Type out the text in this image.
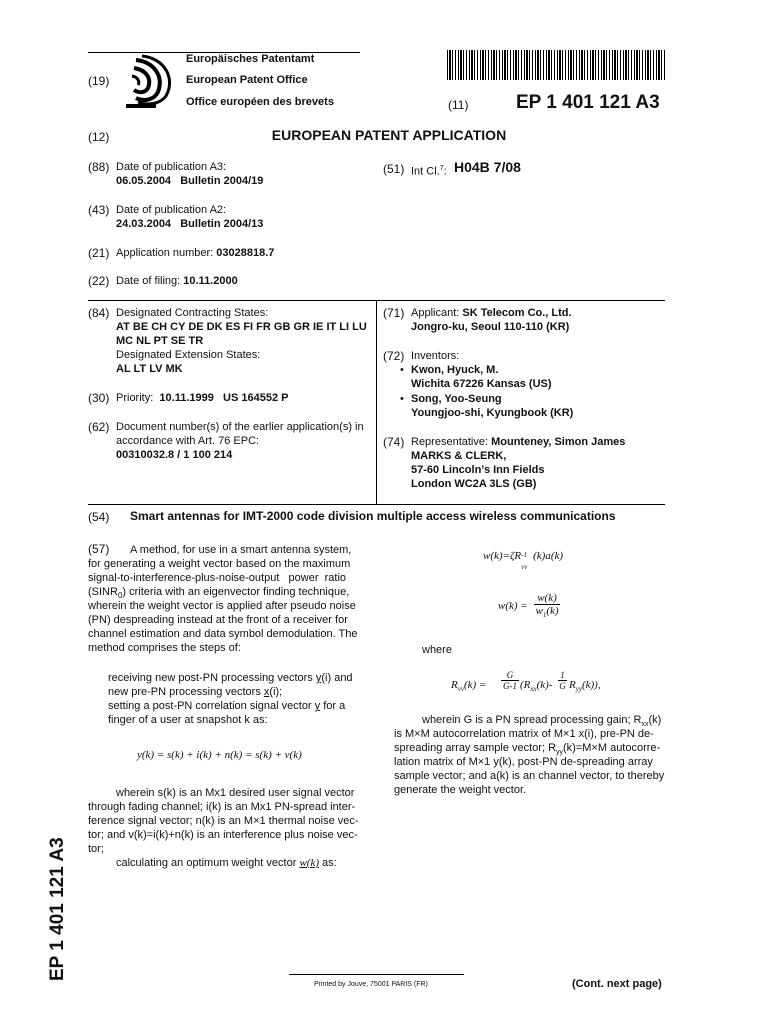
(19)
Europäisches Patentamt
European Patent Office
Office européen des brevets	(11)	EP 1 401 121 A3
(12)	EUROPEAN PATENT APPLICATION
(88) Date of publication A3:
06.05.2004   Bulletin 2004/19
(51) Int Cl.$^7$: H04B 7/08
(43) Date of publication A2:
24.03.2004   Bulletin 2004/13
(21) Application number: 03028818.7
(22) Date of filing: 10.11.2000
(84) Designated Contracting States:
AT BE CH CY DE DK ES FI FR GB GR IE IT LI LU
MC NL PT SE TR
Designated Extension States:
AL LT LV MK
(30) Priority: 10.11.1999   US 164552 P
(62) Document number(s) of the earlier application(s) in
accordance with Art. 76 EPC:
00310032.8 / 1 100 214
(71) Applicant: SK Telecom Co., Ltd.
Jongro-ku, Seoul 110-110 (KR)
(72) Inventors:
• Kwon, Hyuck, M.
Wichita 67226 Kansas (US)
• Song, Yoo-Seung
Youngjoo-shi, Kyungbook (KR)
(74) Representative: Mounteney, Simon James
MARKS & CLERK,
57-60 Lincoln’s Inn Fields
London WC2A 3LS (GB)
(54) Smart antennas for IMT-2000 code division multiple access wireless communications
(57) A method, for use in a smart antenna system,
for generating a weight vector based on the maximum
signal-to-interference-plus-noise-output   power  ratio
$(SINR_0)$ criteria with an eigenvector finding technique,
wherein the weight vector is applied after pseudo noise
(PN) despreading instead at the front of a receiver for
channel estimation and data symbol demodulation. The
method comprises the steps of:
receiving new post-PN processing vectors y(i) and
new pre-PN processing vectors x(i);
setting a post-PN correlation signal vector y for a
finger of a user at snapshot k as:
y(k) = s(k) + i(k) + n(k) = s(k) + v(k)
wherein s(k) is an Mx1 desired user signal vector
through fading channel; i(k) is an Mx1 PN-spread inter-
ference signal vector; n(k) is an M×1 thermal noise vec-
tor; and v(k)=i(k)+n(k) is an interference plus noise vec-
tor;
calculating an optimum weight vector w(k) as:
w(k)=ζR -1
vv
(k)a(k)
$w(k) = \frac{w(k)}{w_1(k)}$
where
$R_{vv}(k) = \frac{G}{G-1} (R_{xx}(k)- \frac{1}{G} R_{yy}(k))$,
wherein G is a PN spread processing gain; $R_{xx}(k)$
is M×M autocorrelation matrix of M×1 x(i), pre-PN de-
spreading array sample vector; $R_{yy}(k)=M\times M$ autocorre-
lation matrix of M×1 y(k), post-PN de-spreading array
sample vector; and a(k) is an channel vector, to thereby
generate the weight vector.
EP 1 401 121 A3
Printed by Jouve, 75001 PARIS (FR)	(Cont. next page)
